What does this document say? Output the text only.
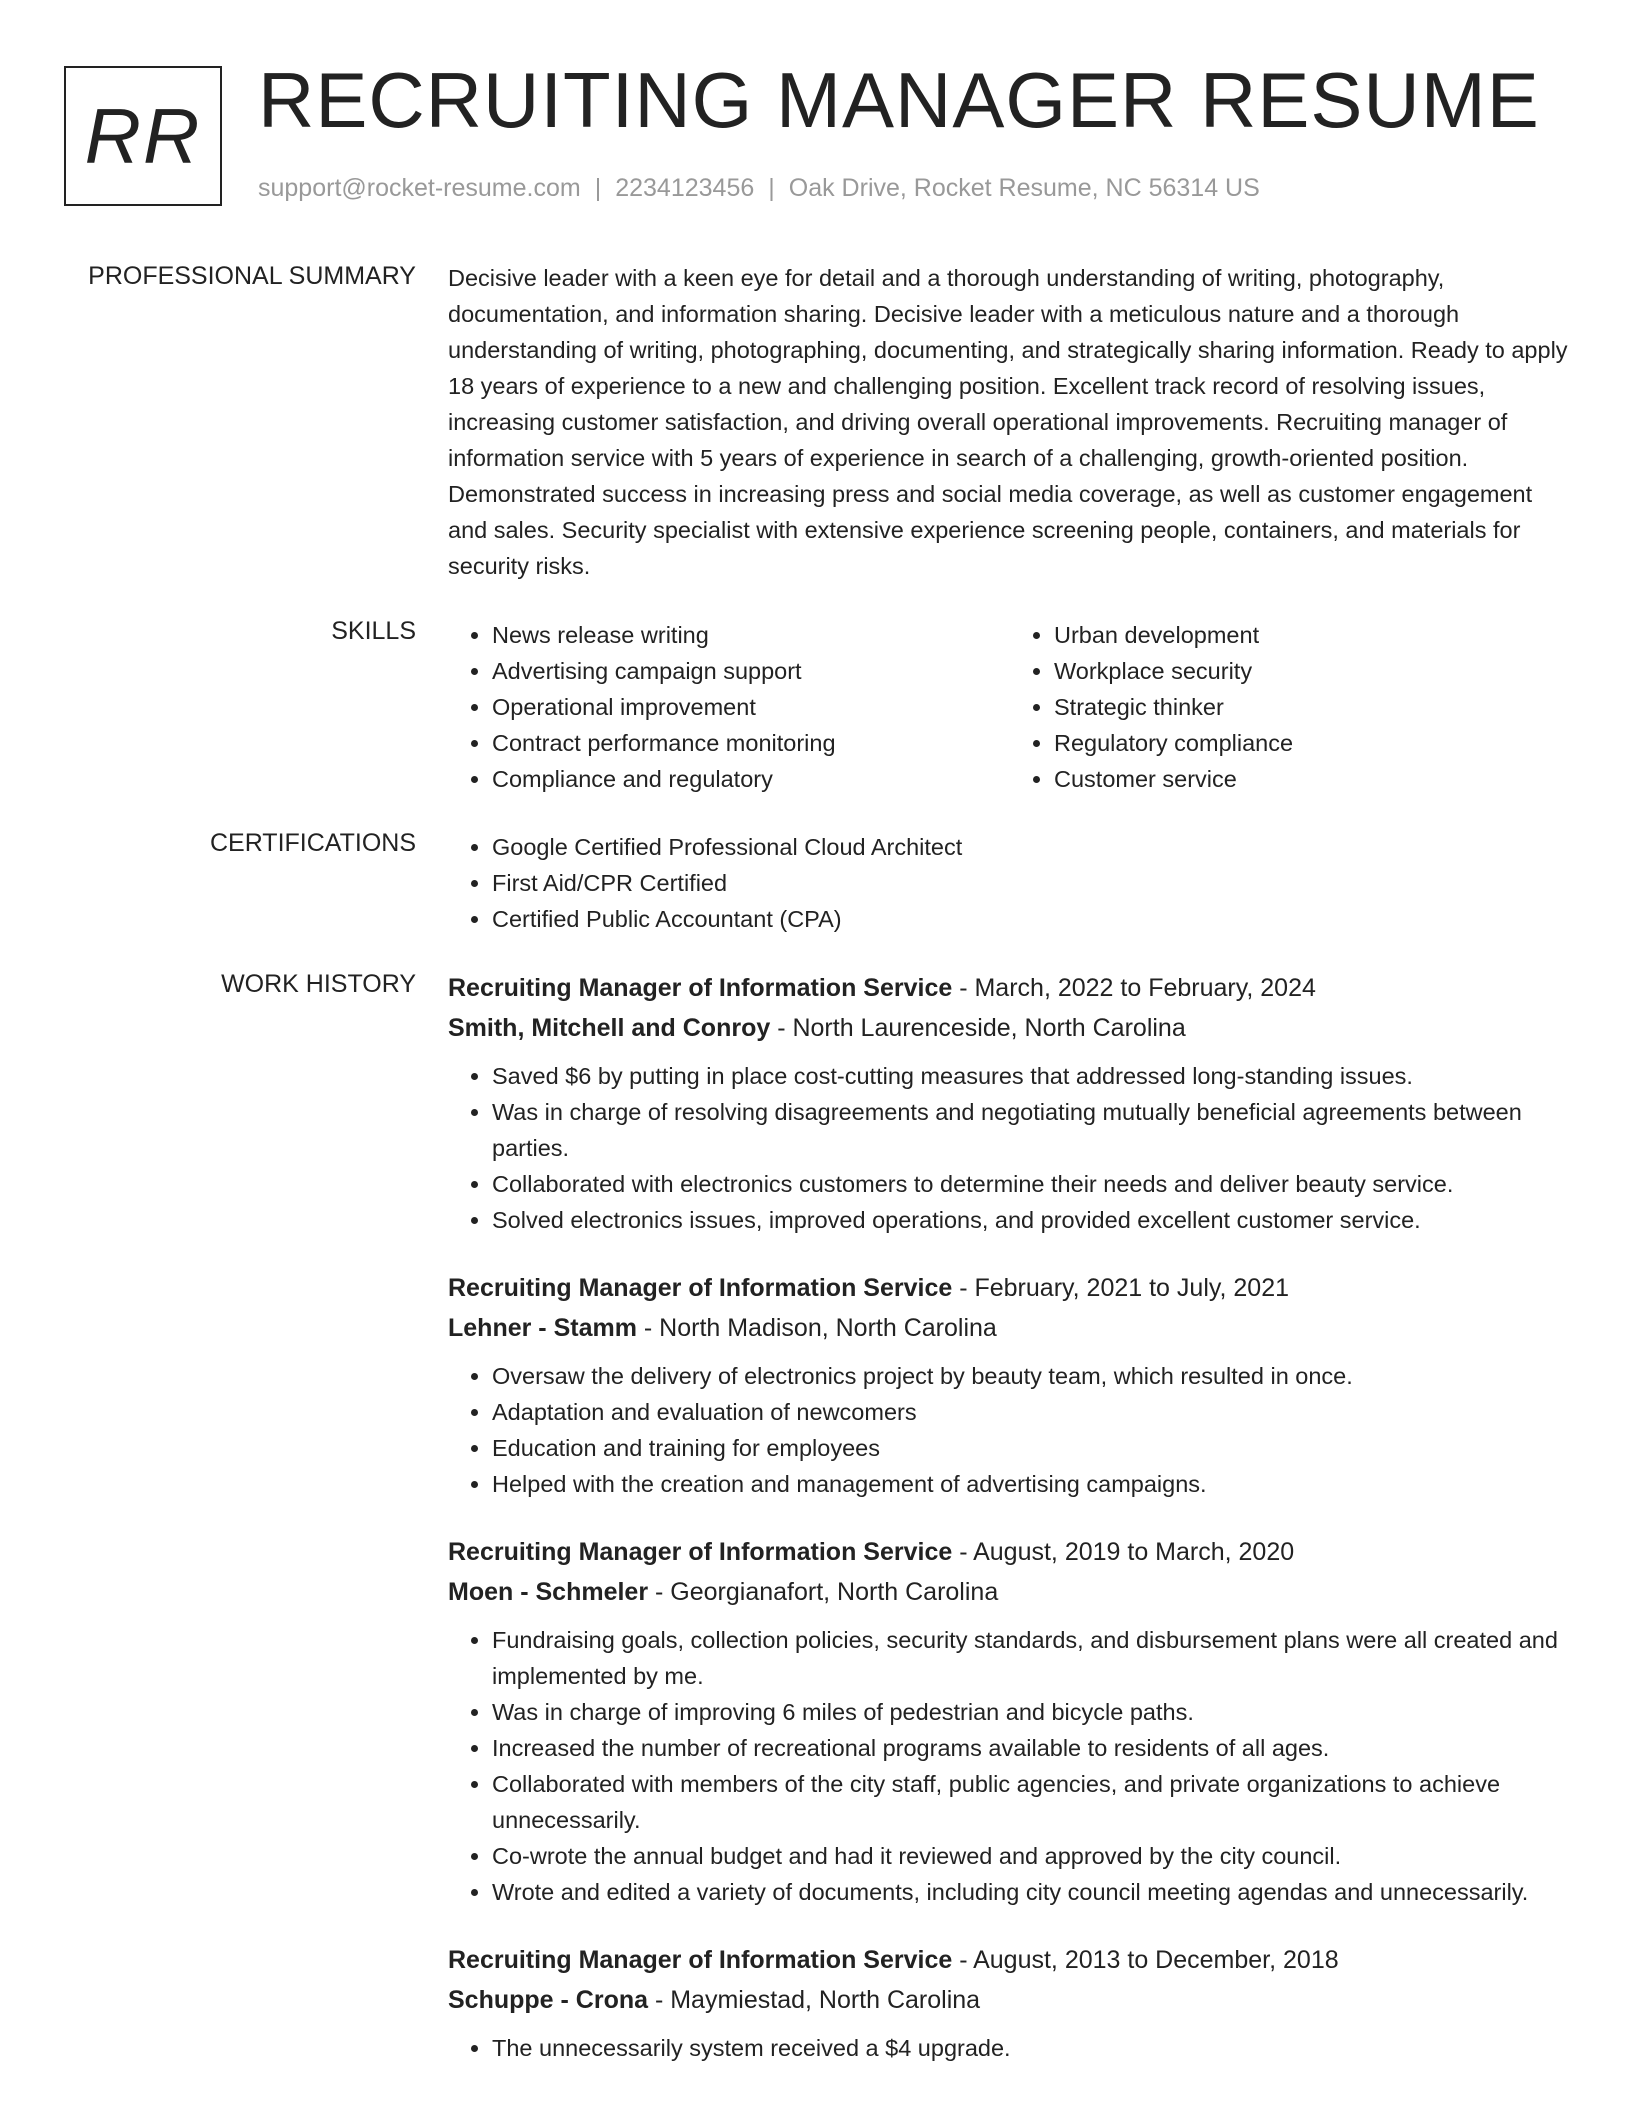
RR RECRUITING MANAGER RESUME
support@rocket-resume.com | 2234123456 | Oak Drive, Rocket Resume, NC 56314 US
PROFESSIONAL SUMMARY Decisive leader with a keen eye for detail and a thorough understanding of writing, photography, documentation, and information sharing. Decisive leader with a meticulous nature and a thorough understanding of writing, photographing, documenting, and strategically sharing information. Ready to apply 18 years of experience to a new and challenging position. Excellent track record of resolving issues, increasing customer satisfaction, and driving overall operational improvements. Recruiting manager of information service with 5 years of experience in search of a challenging, growth-oriented position. Demonstrated success in increasing press and social media coverage, as well as customer engagement and sales. Security specialist with extensive experience screening people, containers, and materials for security risks.

SKILLS	• News release writing
• Advertising campaign support
• Operational improvement
• Contract performance monitoring
• Compliance and regulatory
• Urban development
• Workplace security
• Strategic thinker
• Regulatory compliance
• Customer service
CERTIFICATIONS	• Google Certified Professional Cloud Architect
• First Aid/CPR Certified
• Certified Public Accountant (CPA)
WORK HISTORY Recruiting Manager of Information Service - March, 2022 to February, 2024
Smith, Mitchell and Conroy - North Laurenceside, North Carolina
• Saved $6 by putting in place cost-cutting measures that addressed long-standing issues.
• Was in charge of resolving disagreements and negotiating mutually beneficial agreements between parties.
• Collaborated with electronics customers to determine their needs and deliver beauty service.
• Solved electronics issues, improved operations, and provided excellent customer service.
Recruiting Manager of Information Service - February, 2021 to July, 2021
Lehner - Stamm - North Madison, North Carolina
• Oversaw the delivery of electronics project by beauty team, which resulted in once.
• Adaptation and evaluation of newcomers
• Education and training for employees
• Helped with the creation and management of advertising campaigns.
Recruiting Manager of Information Service - August, 2019 to March, 2020
Moen - Schmeler - Georgianafort, North Carolina
• Fundraising goals, collection policies, security standards, and disbursement plans were all created and implemented by me.
• Was in charge of improving 6 miles of pedestrian and bicycle paths.
• Increased the number of recreational programs available to residents of all ages.
• Collaborated with members of the city staff, public agencies, and private organizations to achieve unnecessarily.
• Co-wrote the annual budget and had it reviewed and approved by the city council.
• Wrote and edited a variety of documents, including city council meeting agendas and unnecessarily.
Recruiting Manager of Information Service - August, 2013 to December, 2018
Schuppe - Crona - Maymiestad, North Carolina
• The unnecessarily system received a $4 upgrade.
